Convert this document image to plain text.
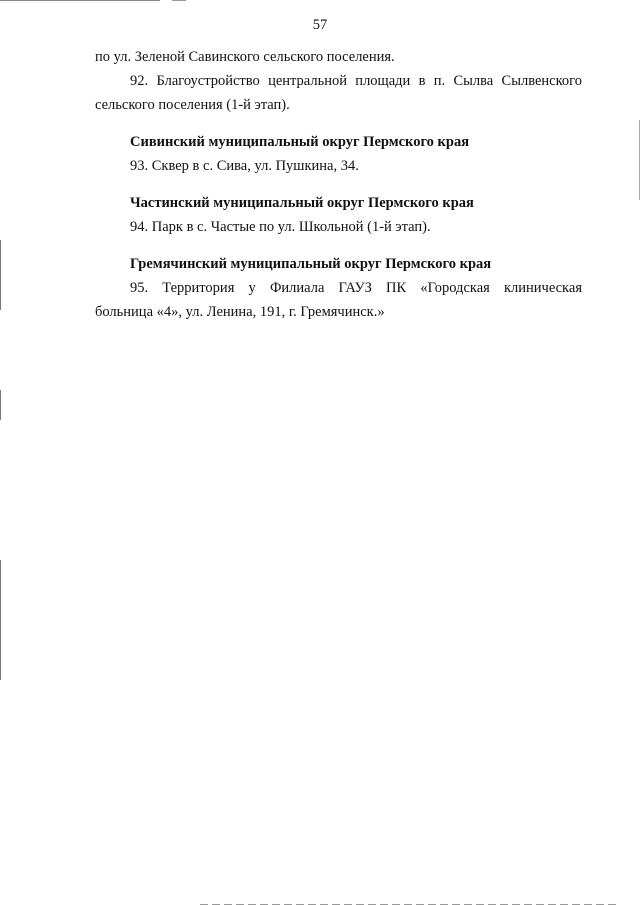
57

по ул. Зеленой Савинского сельского поселения.

92. Благоустройство центральной площади в п. Сылва Сылвенского

сельского поселения (1-й этап).

Сивинский муниципальный округ Пермского края

93. Сквер в с. Сива, ул. Пушкина, 34.

Частинский муниципальный округ Пермского края

94. Парк в с. Частые по ул. Школьной (1-й этап).

Гремячинский муниципальный округ Пермского края

95. Территория у Филиала ГАУЗ ПК «Городская клиническая

больница «4», ул. Ленина, 191, г. Гремячинск.»
